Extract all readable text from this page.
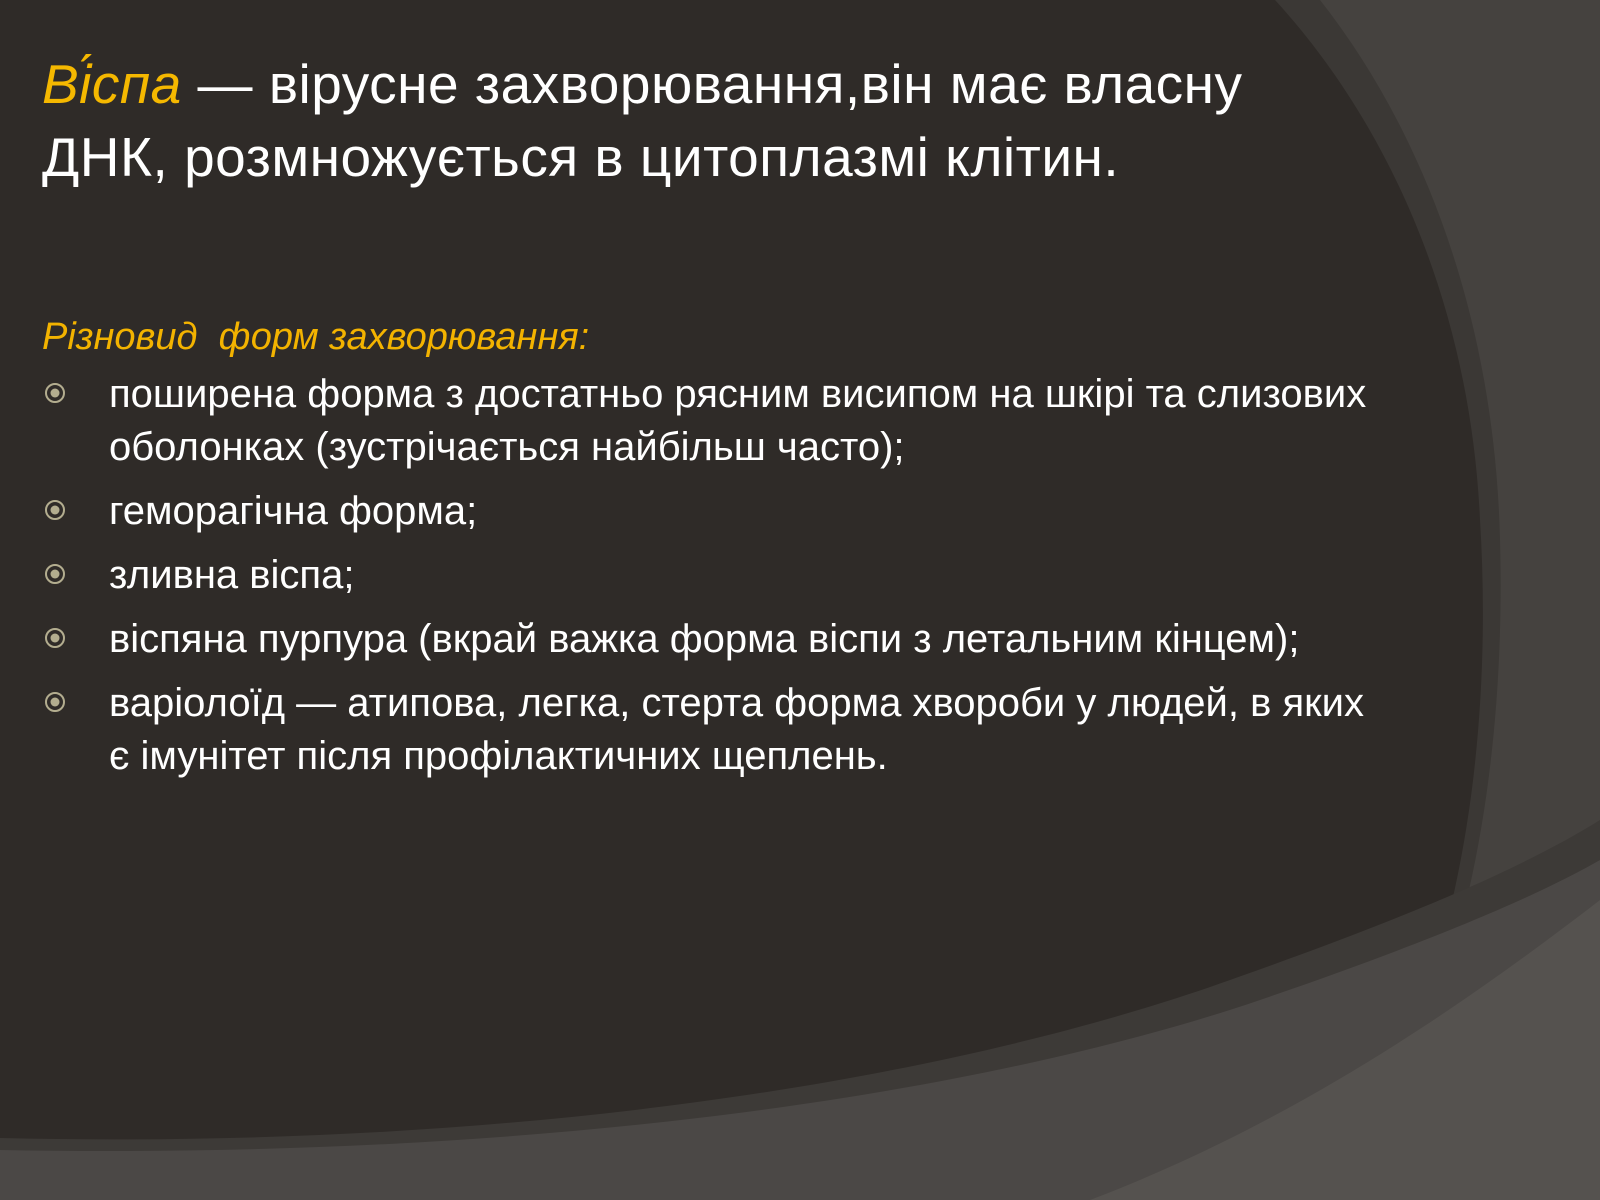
Ві́спа — вірусне захворювання,він має власну ДНК, розмножується в цитоплазмі клітин.
Різновид  форм захворювання:
поширена форма з достатньо рясним висипом на шкірі та слизових оболонках (зустрічається найбільш часто);
геморагічна форма;
зливна віспа;
віспяна пурпура (вкрай важка форма віспи з летальним кінцем);
варіолоїд — атипова, легка, стерта форма хвороби у людей, в яких є імунітет після профілактичних щеплень.
